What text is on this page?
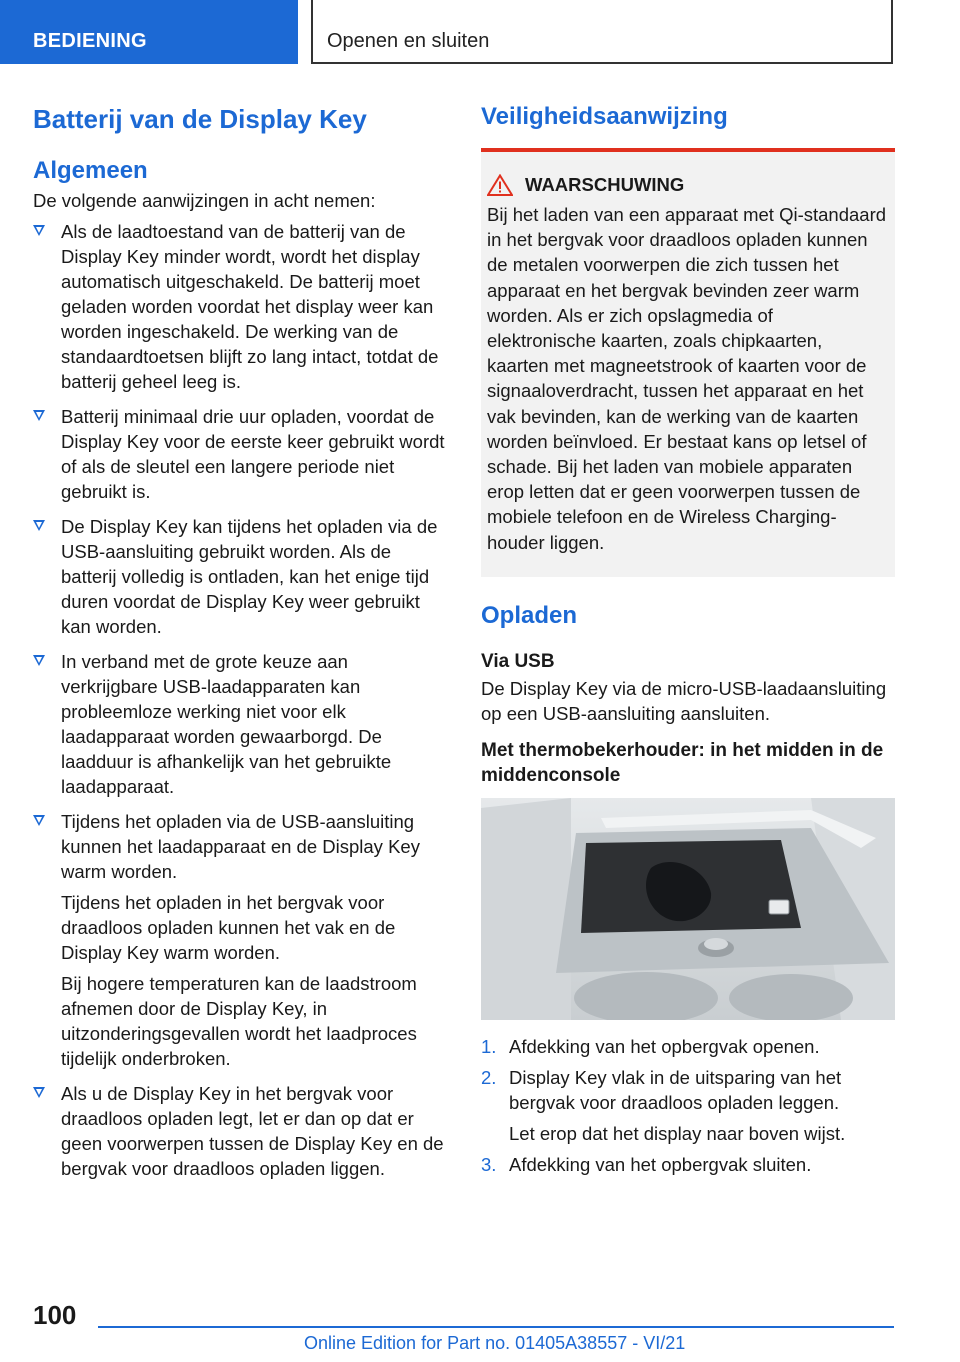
BEDIENING	Openen en sluiten
Batterij van de Display Key
Algemeen

De volgende aanwijzingen in acht nemen:

Als de laadtoestand van de batterij van de Display Key minder wordt, wordt het display automatisch uitgeschakeld. De batterij moet geladen worden voordat het display weer kan worden ingeschakeld. De werking van de standaardtoetsen blijft zo lang intact, totdat de batterij geheel leeg is.

Batterij minimaal drie uur opladen, voordat de Display Key voor de eerste keer gebruikt wordt of als de sleutel een langere periode niet gebruikt is.

De Display Key kan tijdens het opladen via de USB-aansluiting gebruikt worden. Als de batterij volledig is ontladen, kan het enige tijd duren voordat de Display Key weer gebruikt kan worden.

In verband met de grote keuze aan verkrijgbare USB-laadapparaten kan probleemloze werking niet voor elk laadapparaat worden gewaarborgd. De laadduur is afhankelijk van het gebruikte laadapparaat.

Tijdens het opladen via de USB-aansluiting kunnen het laadapparaat en de Display Key warm worden.

Tijdens het opladen in het bergvak voor draadloos opladen kunnen het vak en de Display Key warm worden.

Bij hogere temperaturen kan de laadstroom afnemen door de Display Key, in uitzonderingsgevallen wordt het laadproces tijdelijk onderbroken.

Als u de Display Key in het bergvak voor draadloos opladen legt, let er dan op dat er geen voorwerpen tussen de Display Key en de bergvak voor draadloos opladen liggen.

Veiligheidsaanwijzing
WAARSCHUWING

Bij het laden van een apparaat met Qi-standaard in het bergvak voor draadloos opladen kunnen de metalen voorwerpen die zich tussen het apparaat en het bergvak bevinden zeer warm worden. Als er zich opslagmedia of elektronische kaarten, zoals chipkaarten, kaarten met magneetstrook of kaarten voor de signaaloverdracht, tussen het apparaat en het vak bevinden, kan de werking van de kaarten worden beïnvloed. Er bestaat kans op letsel of schade. Bij het laden van mobiele apparaten erop letten dat er geen voorwerpen tussen de mobiele telefoon en de Wireless Charging-houder liggen.

Opladen

Via USB

De Display Key via de micro-USB-laadaansluiting op een USB-aansluiting aansluiten.

Met thermobekerhouder: in het midden in de middenconsole

1. Afdekking van het opbergvak openen.

2. Display Key vlak in de uitsparing van het bergvak voor draadloos opladen leggen.

Let erop dat het display naar boven wijst.

3. Afdekking van het opbergvak sluiten.

100
Online Edition for Part no. 01405A38557 - VI/21
